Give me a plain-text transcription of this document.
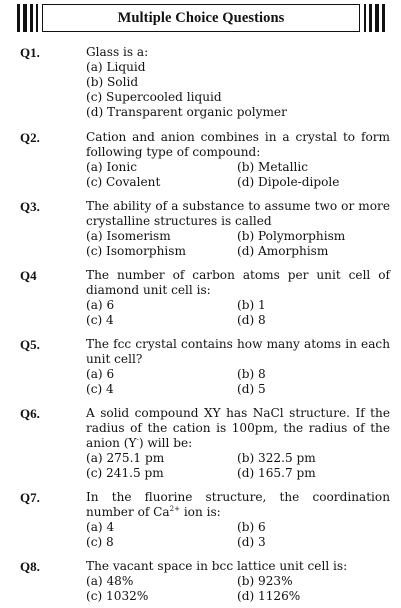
Multiple Choice Questions
Q1.	Glass is a:
(a) Liquid
(b) Solid
(c) Supercooled liquid
(d) Transparent organic polymer
Q2.	Cation and anion combines in a crystal to form following type of compound:
(a) Ionic	(b) Metallic
(c) Covalent	(d) Dipole-dipole
Q3.	The ability of a substance to assume two or more crystalline structures is called
(a) Isomerism	(b) Polymorphism
(c) Isomorphism	(d) Amorphism
Q4	The number of carbon atoms per unit cell of diamond unit cell is:
(a) 6	(b) 1
(c) 4	(d) 8
Q5.	The fcc crystal contains how many atoms in each unit cell?
(a) 6	(b) 8
(c) 4	(d) 5
Q6.	A solid compound XY has NaCl structure. If the radius of the cation is 100pm, the radius of the anion (Y-) will be:
(a) 275.1 pm	(b) 322.5 pm
(c) 241.5 pm	(d) 165.7 pm
Q7.	In the fluorine structure, the coordination number of $Ca^{2+}$ ion is:
(a) 4	(b) 6
(c) 8	(d) 3
Q8.	The vacant space in bcc lattice unit cell is:
(a) 48%	(b) 923%
(c) 1032%	(d) 1126%
